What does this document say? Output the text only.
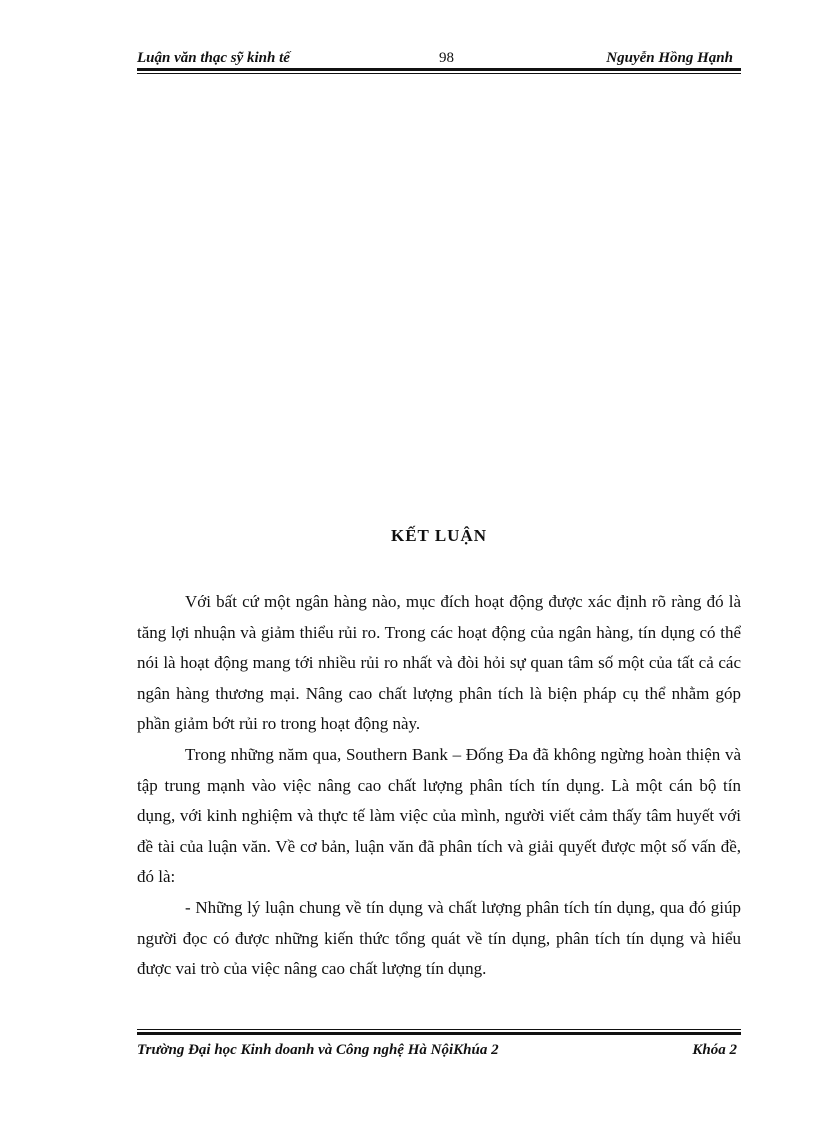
Luận văn thạc sỹ kinh tế	98	Nguyễn Hồng Hạnh
KẾT LUẬN

Với bất cứ một ngân hàng nào, mục đích hoạt động được xác định rõ ràng đó là tăng lợi nhuận và giảm thiểu rủi ro. Trong các hoạt động của ngân hàng, tín dụng có thể nói là hoạt động mang tới nhiều rủi ro nhất và đòi hỏi sự quan tâm số một của tất cả các ngân hàng thương mại. Nâng cao chất lượng phân tích là biện pháp cụ thể nhằm góp phần giảm bớt rủi ro trong hoạt động này.

Trong những năm qua, Southern Bank – Đống Đa đã không ngừng hoàn thiện và tập trung mạnh vào việc nâng cao chất lượng phân tích tín dụng. Là một cán bộ tín dụng, với kinh nghiệm và thực tế làm việc của mình, người viết cảm thấy tâm huyết với đề tài của luận văn. Về cơ bản, luận văn đã phân tích và giải quyết được một số vấn đề, đó là:

- Những lý luận chung về tín dụng và chất lượng phân tích tín dụng, qua đó giúp người đọc có được những kiến thức tổng quát về tín dụng, phân tích tín dụng và hiểu được vai trò của việc nâng cao chất lượng tín dụng.

Trường Đại học Kinh doanh và Công nghệ Hà NộiKhúa 2	Khóa 2
